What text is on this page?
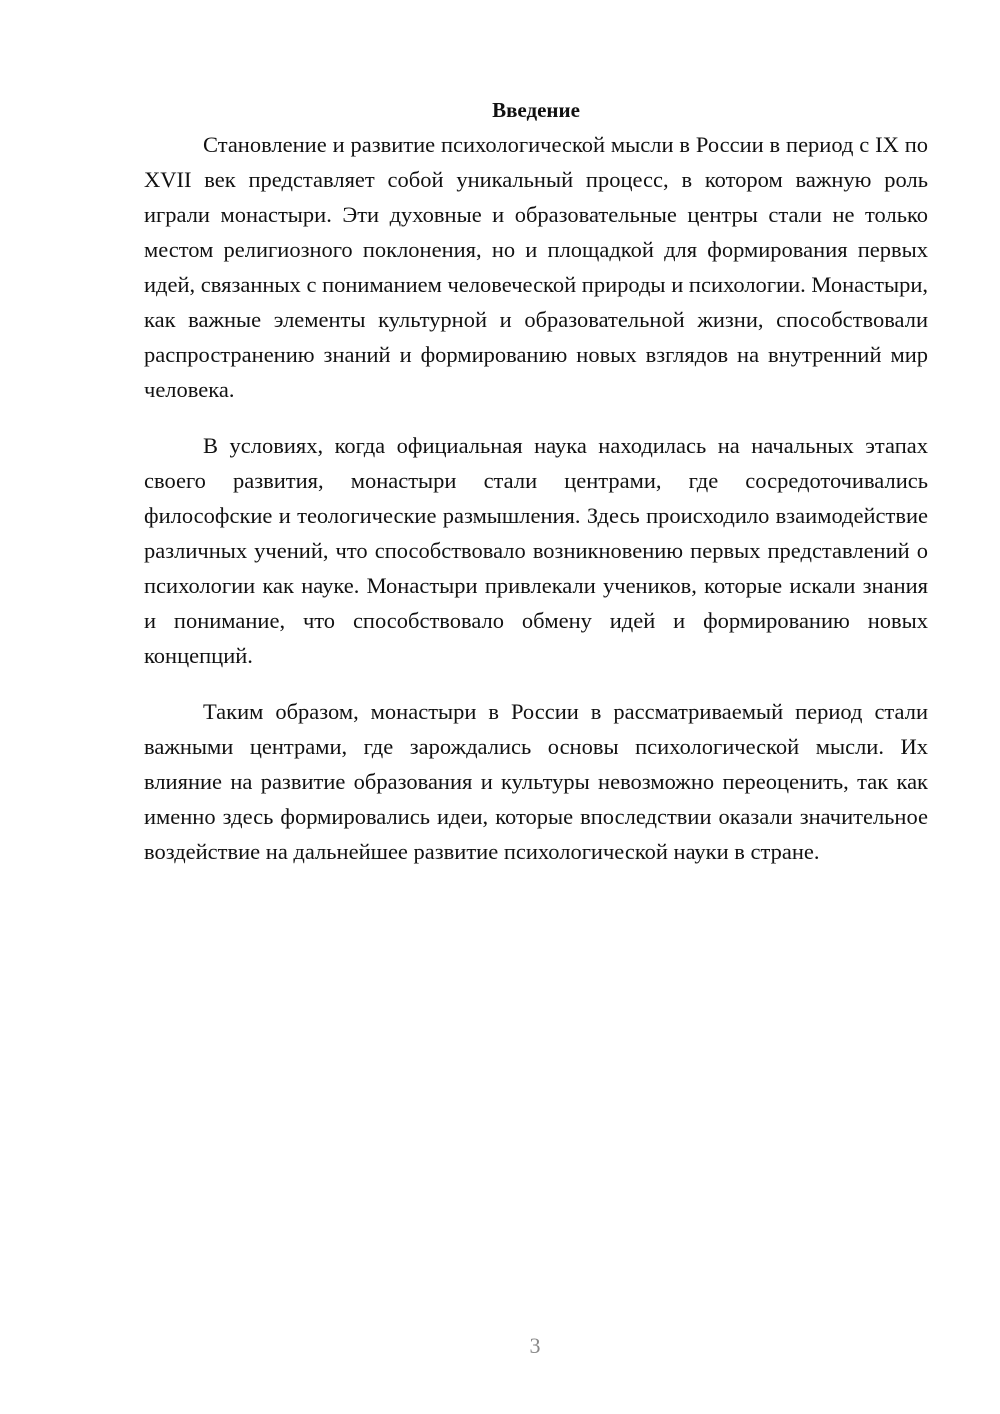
Введение

Становление и развитие психологической мысли в России в период с IX по XVII век представляет собой уникальный процесс, в котором важную роль играли монастыри. Эти духовные и образовательные центры стали не только местом религиозного поклонения, но и площадкой для формирования первых идей, связанных с пониманием человеческой природы и психологии. Монастыри, как важные элементы культурной и образовательной жизни, способствовали распространению знаний и формированию новых взглядов на внутренний мир человека.

В условиях, когда официальная наука находилась на начальных этапах своего развития, монастыри стали центрами, где сосредоточивались философские и теологические размышления. Здесь происходило взаимодействие различных учений, что способствовало возникновению первых представлений о психологии как науке. Монастыри привлекали учеников, которые искали знания и понимание, что способствовало обмену идей и формированию новых концепций.

Таким образом, монастыри в России в рассматриваемый период стали важными центрами, где зарождались основы психологической мысли. Их влияние на развитие образования и культуры невозможно переоценить, так как именно здесь формировались идеи, которые впоследствии оказали значительное воздействие на дальнейшее развитие психологической науки в стране.

3
